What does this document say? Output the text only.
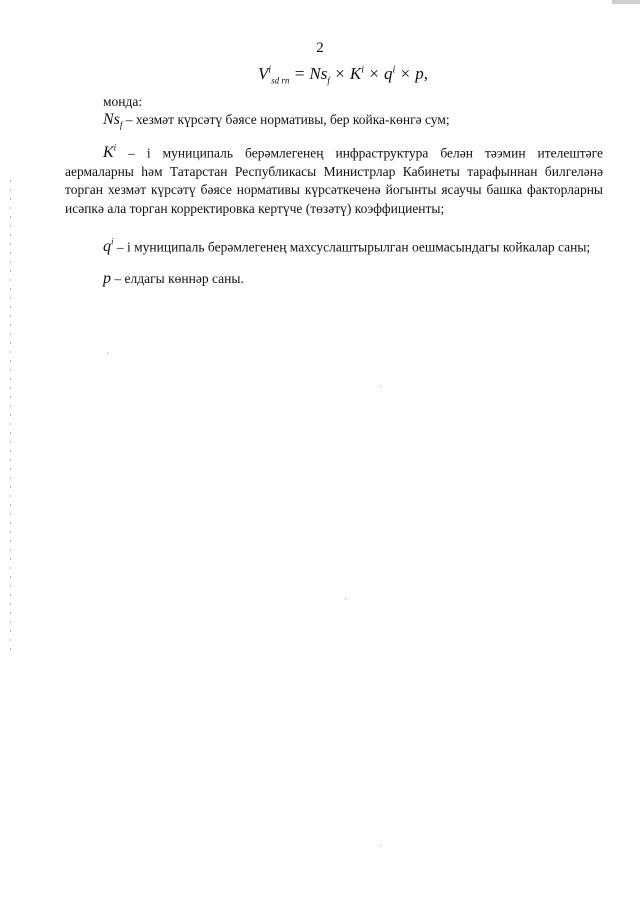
2
$V^i_{sd rn} = Ns_f \times K^i \times q^i \times p$,
монда:
$Ns_f$ – хезмәт күрсәтү бәясе нормативы, бер койка-көнгә сум;
$K^i$ – i муниципаль берәмлегенең инфраструктура белән тәэмин ителештәге аермаларны һәм Татарстан Республикасы Министрлар Кабинеты тарафыннан билгеләнә торган хезмәт күрсәтү бәясе нормативы күрсәткеченә йогынты ясаучы башка факторларны исәпкә ала торган корректировка кертүче (төзәтү) коэффициенты;
$q^i$ – i муниципаль берәмлегенең махсуслаштырылган оешмасындагы койкалар саны;
p – елдагы көннәр саны.
